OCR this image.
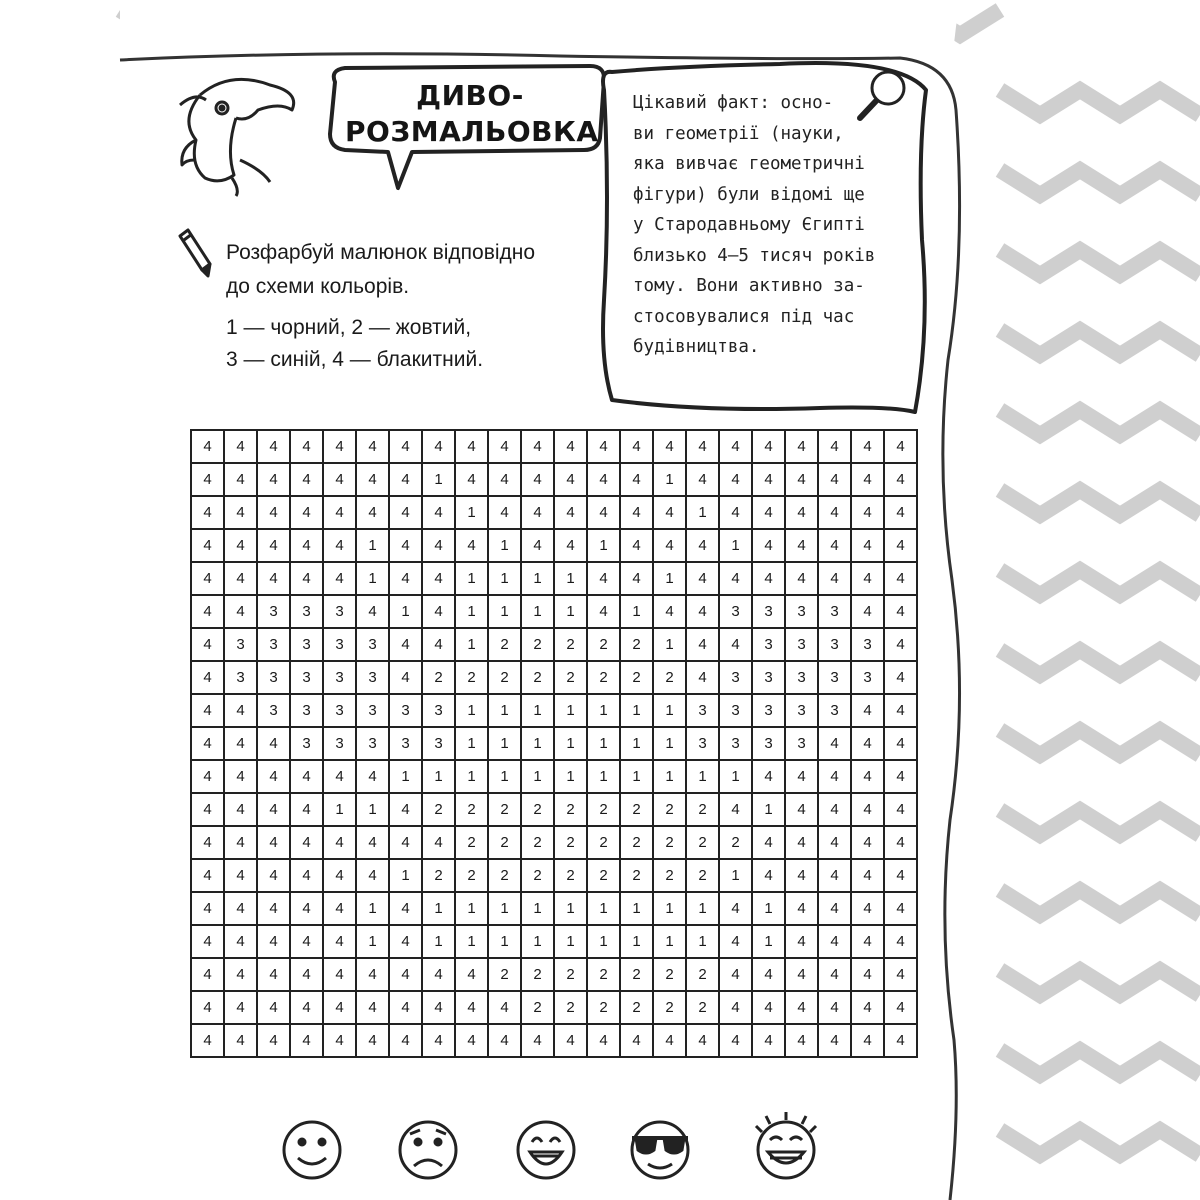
ДИВО-
РОЗМАЛЬОВКА
Цікавий факт: осно-
ви геометрії (науки,
яка вивчає геометричні
фігури) були відомі ще
у Стародавньому Єгипті
близько 4–5 тисяч років
тому. Вони активно за-
стосовувалися під час
будівництва.
Розфарбуй малюнок відповідно
до схеми кольорів.
1 — чорний, 2 — жовтий,
3 — синій, 4 — блакитний.
4	4	4	4	4	4	4	4	4	4	4	4	4	4	4	4	4	4	4	4	4	4
4	4	4	4	4	4	4	1	4	4	4	4	4	4	1	4	4	4	4	4	4	4
4	4	4	4	4	4	4	4	1	4	4	4	4	4	4	1	4	4	4	4	4	4
4	4	4	4	4	1	4	4	4	1	4	4	1	4	4	4	1	4	4	4	4	4
4	4	4	4	4	1	4	4	1	1	1	1	4	4	1	4	4	4	4	4	4	4
4	4	3	3	3	4	1	4	1	1	1	1	4	1	4	4	3	3	3	3	4	4
4	3	3	3	3	3	4	4	1	2	2	2	2	2	1	4	4	3	3	3	3	4
4	3	3	3	3	3	4	2	2	2	2	2	2	2	2	4	3	3	3	3	3	4
4	4	3	3	3	3	3	3	1	1	1	1	1	1	1	3	3	3	3	3	4	4
4	4	4	3	3	3	3	3	1	1	1	1	1	1	1	3	3	3	3	4	4	4
4	4	4	4	4	4	1	1	1	1	1	1	1	1	1	1	1	4	4	4	4	4
4	4	4	4	1	1	4	2	2	2	2	2	2	2	2	2	4	1	4	4	4	4
4	4	4	4	4	4	4	4	2	2	2	2	2	2	2	2	2	4	4	4	4	4
4	4	4	4	4	4	1	2	2	2	2	2	2	2	2	2	1	4	4	4	4	4
4	4	4	4	4	1	4	1	1	1	1	1	1	1	1	1	4	1	4	4	4	4
4	4	4	4	4	1	4	1	1	1	1	1	1	1	1	1	4	1	4	4	4	4
4	4	4	4	4	4	4	4	4	2	2	2	2	2	2	2	4	4	4	4	4	4
4	4	4	4	4	4	4	4	4	4	2	2	2	2	2	2	4	4	4	4	4	4
4	4	4	4	4	4	4	4	4	4	4	4	4	4	4	4	4	4	4	4	4	4
